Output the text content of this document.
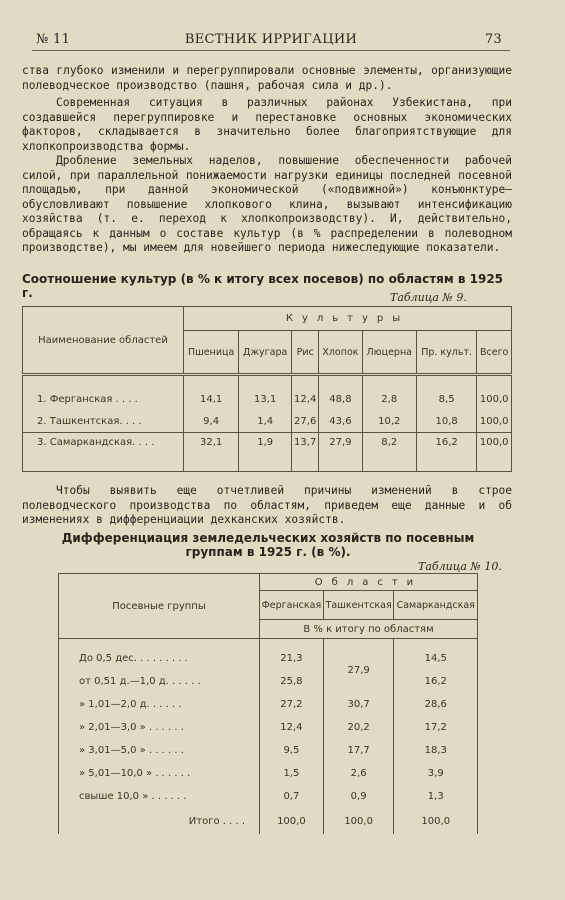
№ 11	ВЕСТНИК ИРРИГАЦИИ	73

ства глубоко изменили и перегруппировали основные элементы, организующие полеводческое производство (пашня, рабочая сила и др.).

Современная ситуация в различных районах Узбекистана, при создавшейся перегруппировке и перестановке основных экономических факторов, складывается в значительно более благоприятствующие для хлопкопроизводства формы.

Дробление земельных наделов, повышение обеспеченности рабочей силой, при параллельной понижаемости нагрузки единицы последней посевной площадью, при данной экономической («подвижной») конъюнктуре—обусловливают повышение хлопкового клина, вызывают интенсификацию хозяйства (т. е. переход к хлопкопроизводству). И, действительно, обращаясь к данным о составе культур (в % распределении в полеводном производстве), мы имеем для новейшего периода нижеследующие показатели.

Соотношение культур (в % к итогу всех посевов) по областям в 1925 г.	Таблица № 9.
Наименование областей	Культуры						
	Пшеница	Джугара	Рис	Хлопок	Люцерна	Пр. культ.	Всего

1. Ферганская . . . .	14,1	13,1	12,4	48,8	2,8	8,5	100,0
2. Ташкентская. . . .	9,4	1,4	27,6	43,6	10,2	10,8	100,0
3. Самаркандская. . . .	32,1	1,9	13,7	27,9	8,2	16,2	100,0

Чтобы выявить еще отчетливей причины изменений в строе полеводческого производства по областям, приведем еще данные и об изменениях в дифференциации дехканских хозяйств.

Дифференциация земледельческих хозяйств по посевным группам в 1925 г. (в %).
Таблица № 10.
Посевные группы	Области		
	Ферганская	Ташкентская	Самаркандская
	В % к итогу по областям		

До 0,5 дес. . . . . . . . .	21,3	27,9	14,5
от 0,51 д.—1,0 д. . . . . .	25,8		16,2
» 1,01—2,0 д. . . . . .	27,2	30,7	28,6
» 2,01—3,0 » . . . . . .	12,4	20,2	17,2
» 3,01—5,0 » . . . . . .	9,5	17,7	18,3
» 5,01—10,0 » . . . . . .	1,5	2,6	3,9
свыше 10,0 » . . . . . .	0,7	0,9	1,3
Итого . . . .	100,0	100,0	100,0
